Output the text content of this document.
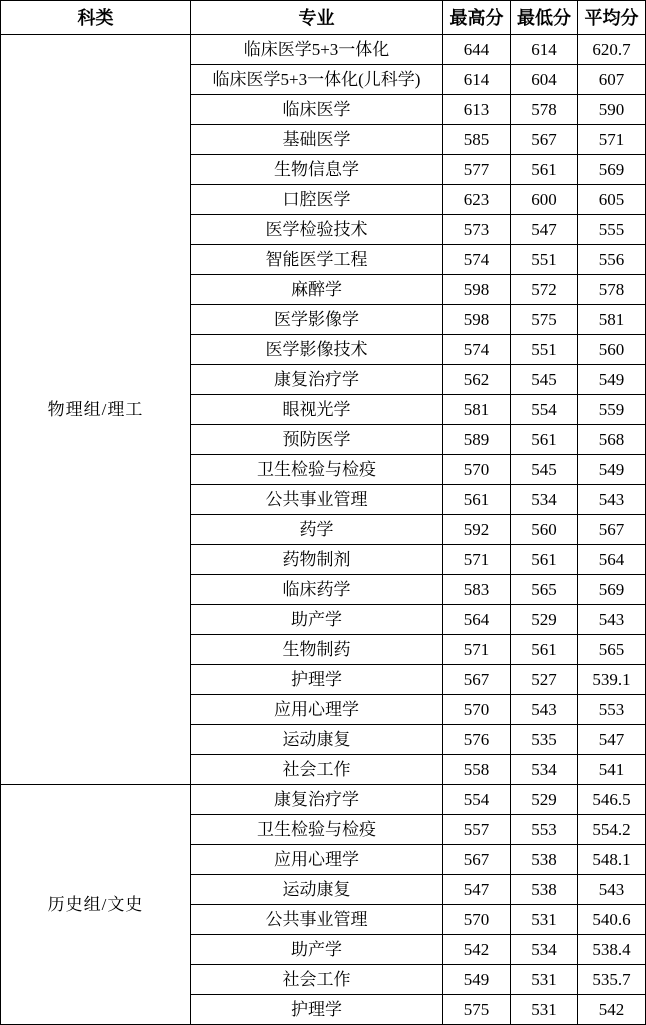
科类	专业	最高分	最低分	平均分
物理组/理工	临床医学5+3一体化	644	614	620.7
	临床医学5+3一体化(儿科学)	614	604	607
	临床医学	613	578	590
	基础医学	585	567	571
	生物信息学	577	561	569
	口腔医学	623	600	605
	医学检验技术	573	547	555
	智能医学工程	574	551	556
	麻醉学	598	572	578
	医学影像学	598	575	581
	医学影像技术	574	551	560
	康复治疗学	562	545	549
	眼视光学	581	554	559
	预防医学	589	561	568
	卫生检验与检疫	570	545	549
	公共事业管理	561	534	543
	药学	592	560	567
	药物制剂	571	561	564
	临床药学	583	565	569
	助产学	564	529	543
	生物制药	571	561	565
	护理学	567	527	539.1
	应用心理学	570	543	553
	运动康复	576	535	547
	社会工作	558	534	541
历史组/文史	康复治疗学	554	529	546.5
	卫生检验与检疫	557	553	554.2
	应用心理学	567	538	548.1
	运动康复	547	538	543
	公共事业管理	570	531	540.6
	助产学	542	534	538.4
	社会工作	549	531	535.7
	护理学	575	531	542
